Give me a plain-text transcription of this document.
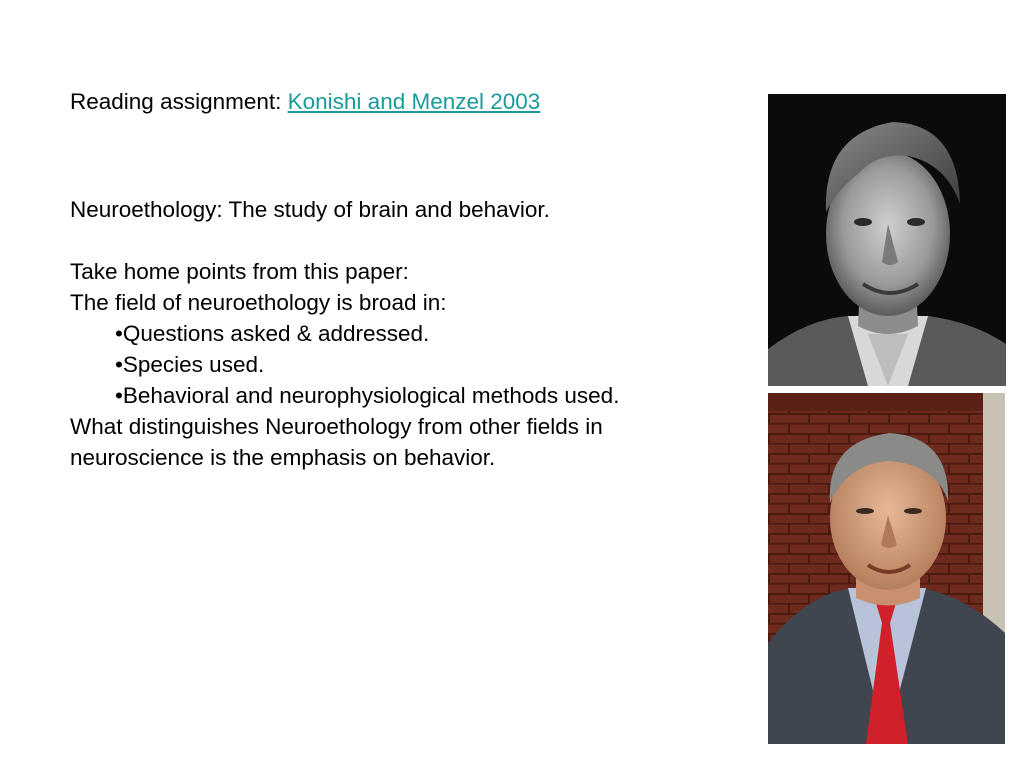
Reading assignment: Konishi and Menzel 2003

Neuroethology: The study of brain and behavior.

Take home points from this paper:

The field of neuroethology is broad in:

•Questions asked & addressed.

•Species used.

•Behavioral and neurophysiological methods used.

What distinguishes Neuroethology from other fields in

neuroscience is the emphasis on behavior.
